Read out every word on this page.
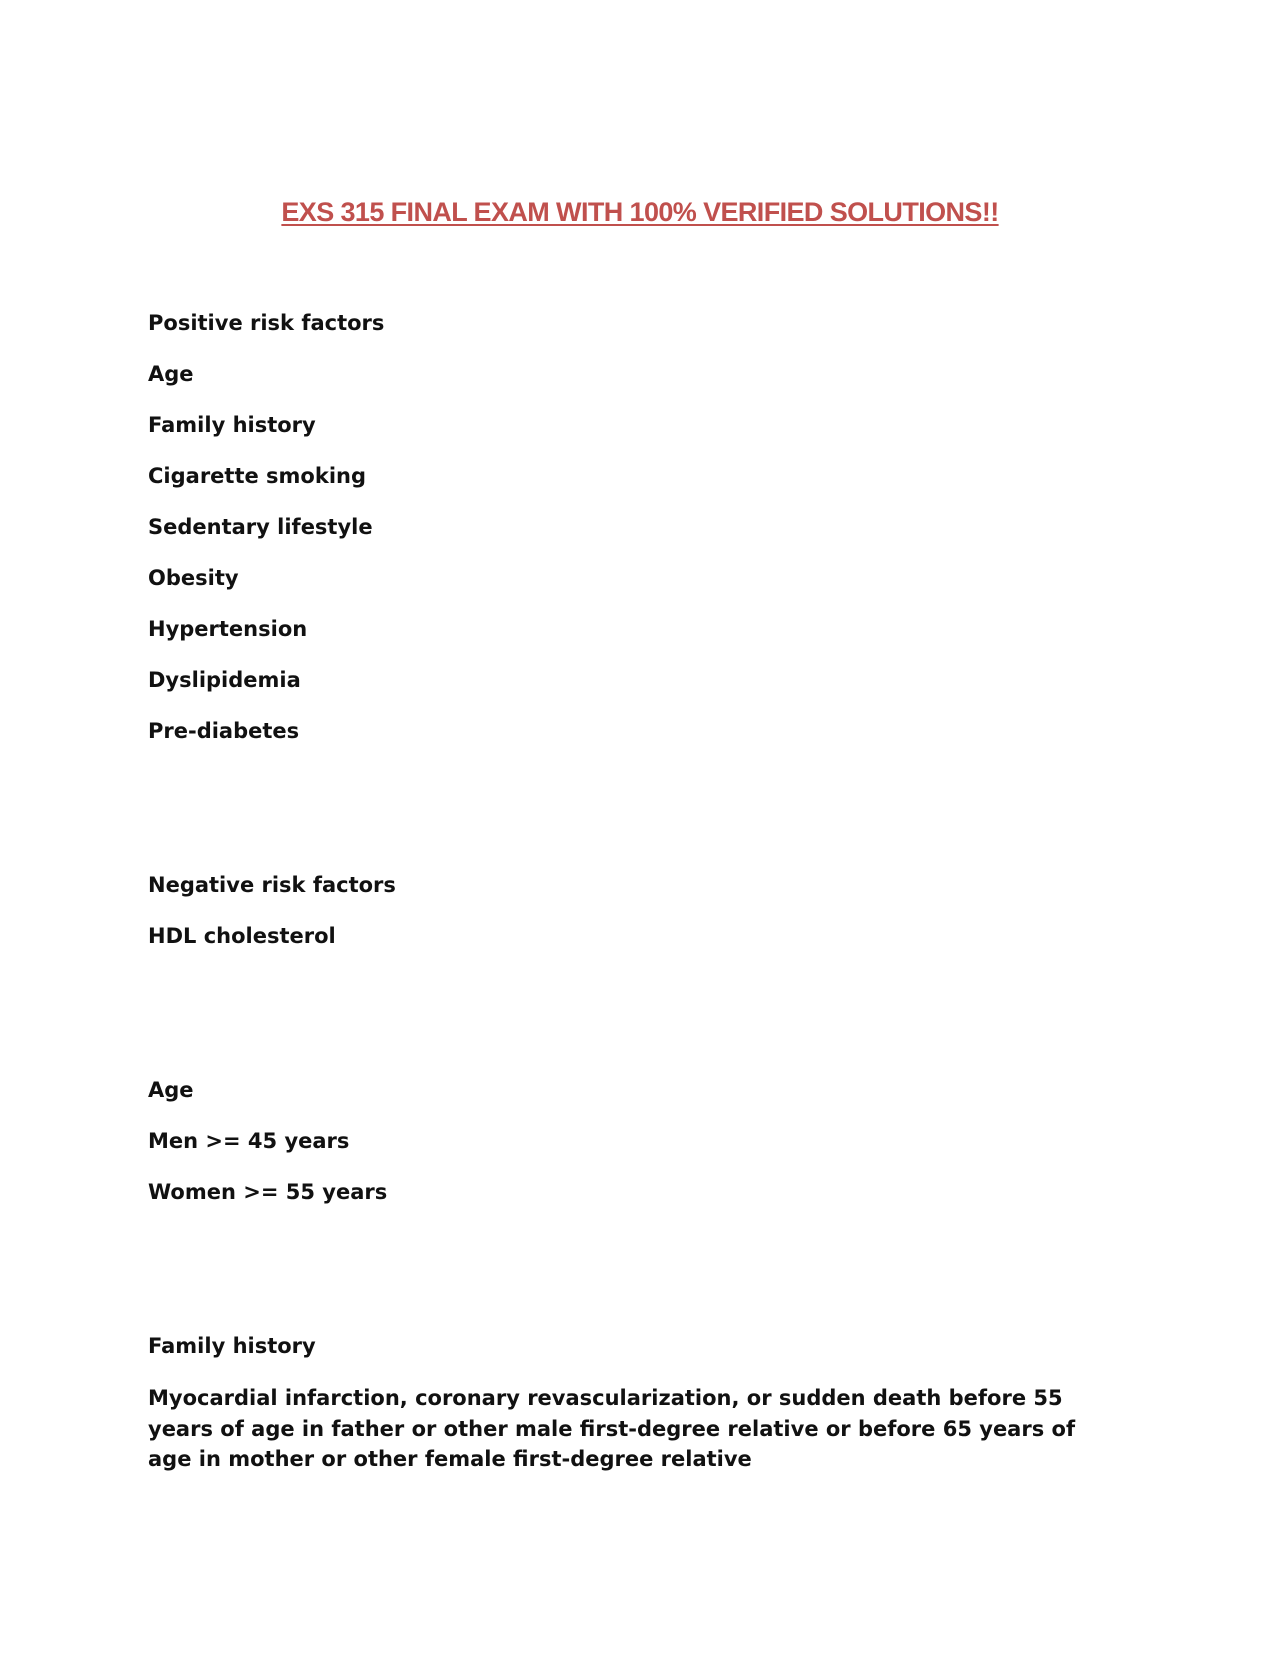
EXS 315 FINAL EXAM WITH 100% VERIFIED SOLUTIONS!!
Positive risk factors
Age
Family history
Cigarette smoking
Sedentary lifestyle
Obesity
Hypertension
Dyslipidemia
Pre-diabetes
Negative risk factors
HDL cholesterol
Age
Men >= 45 years
Women >= 55 years
Family history
Myocardial infarction, coronary revascularization, or sudden death before 55 years of age in father or other male first-degree relative or before 65 years of age in mother or other female first-degree relative
